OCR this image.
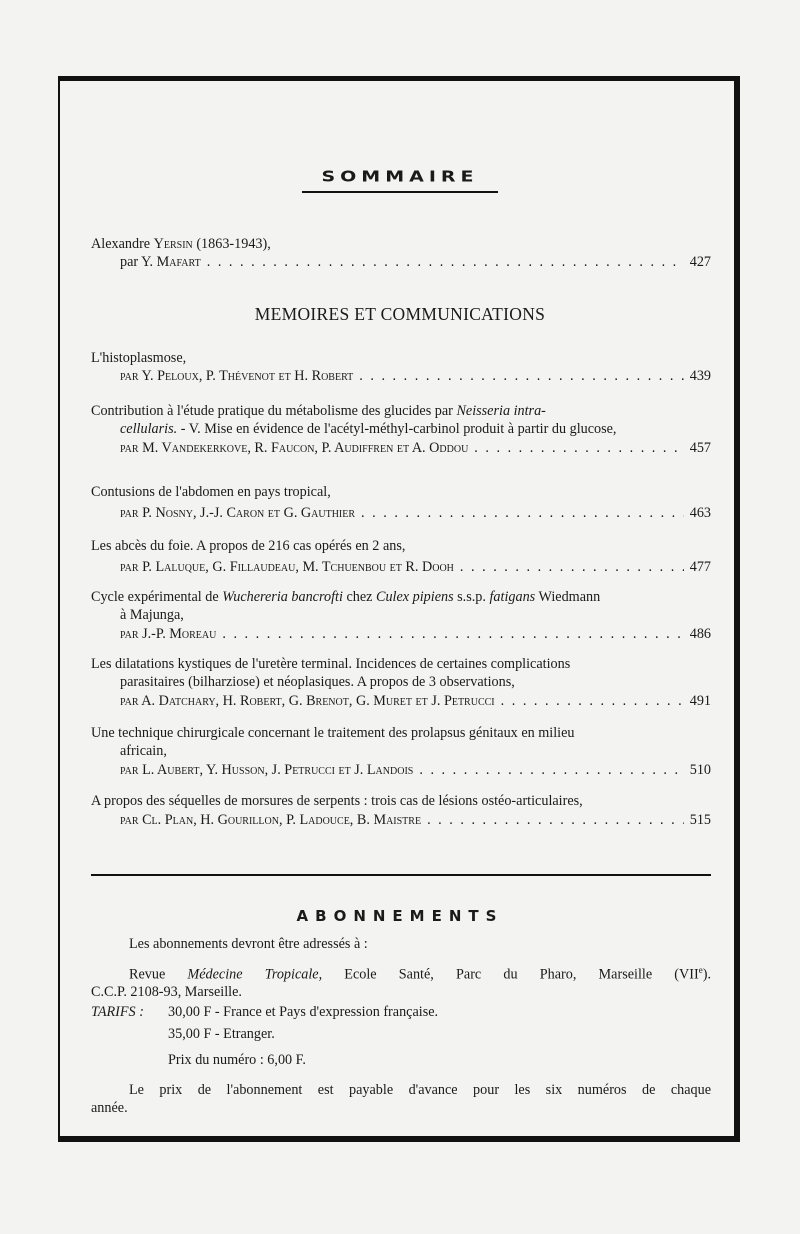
SOMMAIRE
Alexandre Yersin (1863-1943),
par Y. Mafart . . .	427
MEMOIRES ET COMMUNICATIONS
L'histoplasmose,
par Y. Peloux, P. Thévenot et H. Robert . . .	439
Contribution à l'étude pratique du métabolisme des glucides par Neisseria intra-
cellularis. - V. Mise en évidence de l'acétyl-méthyl-carbinol produit à partir du glucose,
par M. Vandekerkove, R. Faucon, P. Audiffren et A. Oddou . . .	457
Contusions de l'abdomen en pays tropical,
par P. Nosny, J.-J. Caron et G. Gauthier . . .	463
Les abcès du foie. A propos de 216 cas opérés en 2 ans,
par P. Laluque, G. Fillaudeau, M. Tchuenbou et R. Dooh . . .	477
Cycle expérimental de Wuchereria bancrofti chez Culex pipiens s.s.p. fatigans Wiedmann
à Majunga,
par J.-P. Moreau . . .	486
Les dilatations kystiques de l'uretère terminal. Incidences de certaines complications
parasitaires (bilharziose) et néoplasiques. A propos de 3 observations,
par A. Datchary, H. Robert, G. Brenot, G. Muret et J. Petrucci . . .	491
Une technique chirurgicale concernant le traitement des prolapsus génitaux en milieu
africain,
par L. Aubert, Y. Husson, J. Petrucci et J. Landois . . .	510
A propos des séquelles de morsures de serpents : trois cas de lésions ostéo-articulaires,
par Cl. Plan, H. Gourillon, P. Ladouce, B. Maistre . . .	515
ABONNEMENTS
Les abonnements devront être adressés à :
Revue Médecine Tropicale, Ecole Santé, Parc du Pharo, Marseille (VIIe).
C.C.P. 2108-93, Marseille.
TARIFS : 30,00 F - France et Pays d'expression française.
35,00 F - Etranger.
Prix du numéro : 6,00 F.
Le prix de l'abonnement est payable d'avance pour les six numéros de chaque
année.
